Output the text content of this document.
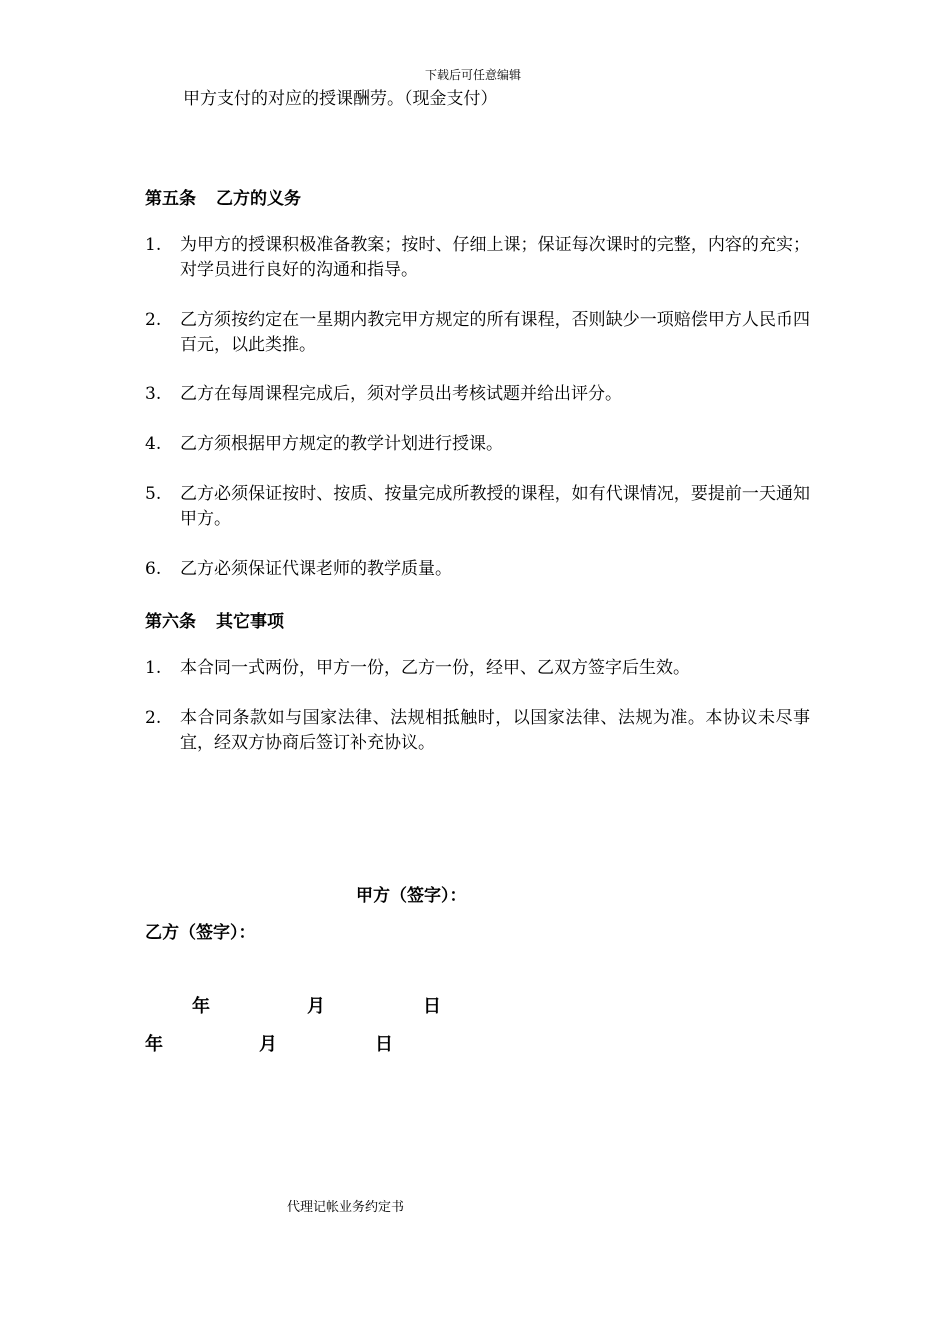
下载后可任意编辑
甲方支付的对应的授课酬劳。（现金支付）
第五条 乙方的义务
1. 为甲方的授课积极准备教案；按时、仔细上课；保证每次课时的完整，内容的充实；对学员进行良好的沟通和指导。
2. 乙方须按约定在一星期内教完甲方规定的所有课程，否则缺少一项赔偿甲方人民币四百元，以此类推。
3. 乙方在每周课程完成后，须对学员出考核试题并给出评分。
4. 乙方须根据甲方规定的教学计划进行授课。
5. 乙方必须保证按时、按质、按量完成所教授的课程，如有代课情况，要提前一天通知甲方。
6. 乙方必须保证代课老师的教学质量。
第六条 其它事项
1. 本合同一式两份，甲方一份，乙方一份，经甲、乙双方签字后生效。
2. 本合同条款如与国家法律、法规相抵触时，以国家法律、法规为准。本协议未尽事宜，经双方协商后签订补充协议。
甲方（签字）：
乙方（签字）：
年	月	日
年	月	日
代理记帐业务约定书
